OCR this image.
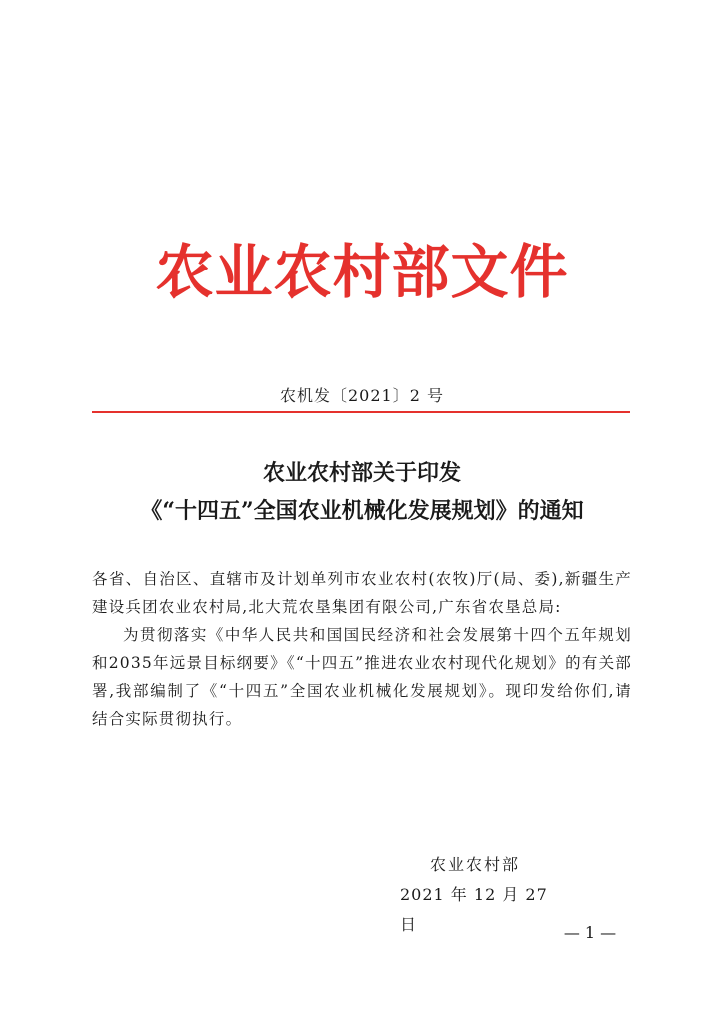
农业农村部文件
农机发〔2021〕2 号
农业农村部关于印发
《“十四五”全国农业机械化发展规划》的通知

各省、自治区、直辖市及计划单列市农业农村(农牧)厅(局、委),新疆生产建设兵团农业农村局,北大荒农垦集团有限公司,广东省农垦总局:

为贯彻落实《中华人民共和国国民经济和社会发展第十四个五年规划和2035年远景目标纲要》《“十四五”推进农业农村现代化规划》的有关部署,我部编制了《“十四五”全国农业机械化发展规划》。现印发给你们,请结合实际贯彻执行。

农业农村部
2021 年 12 月 27 日	— 1 —
